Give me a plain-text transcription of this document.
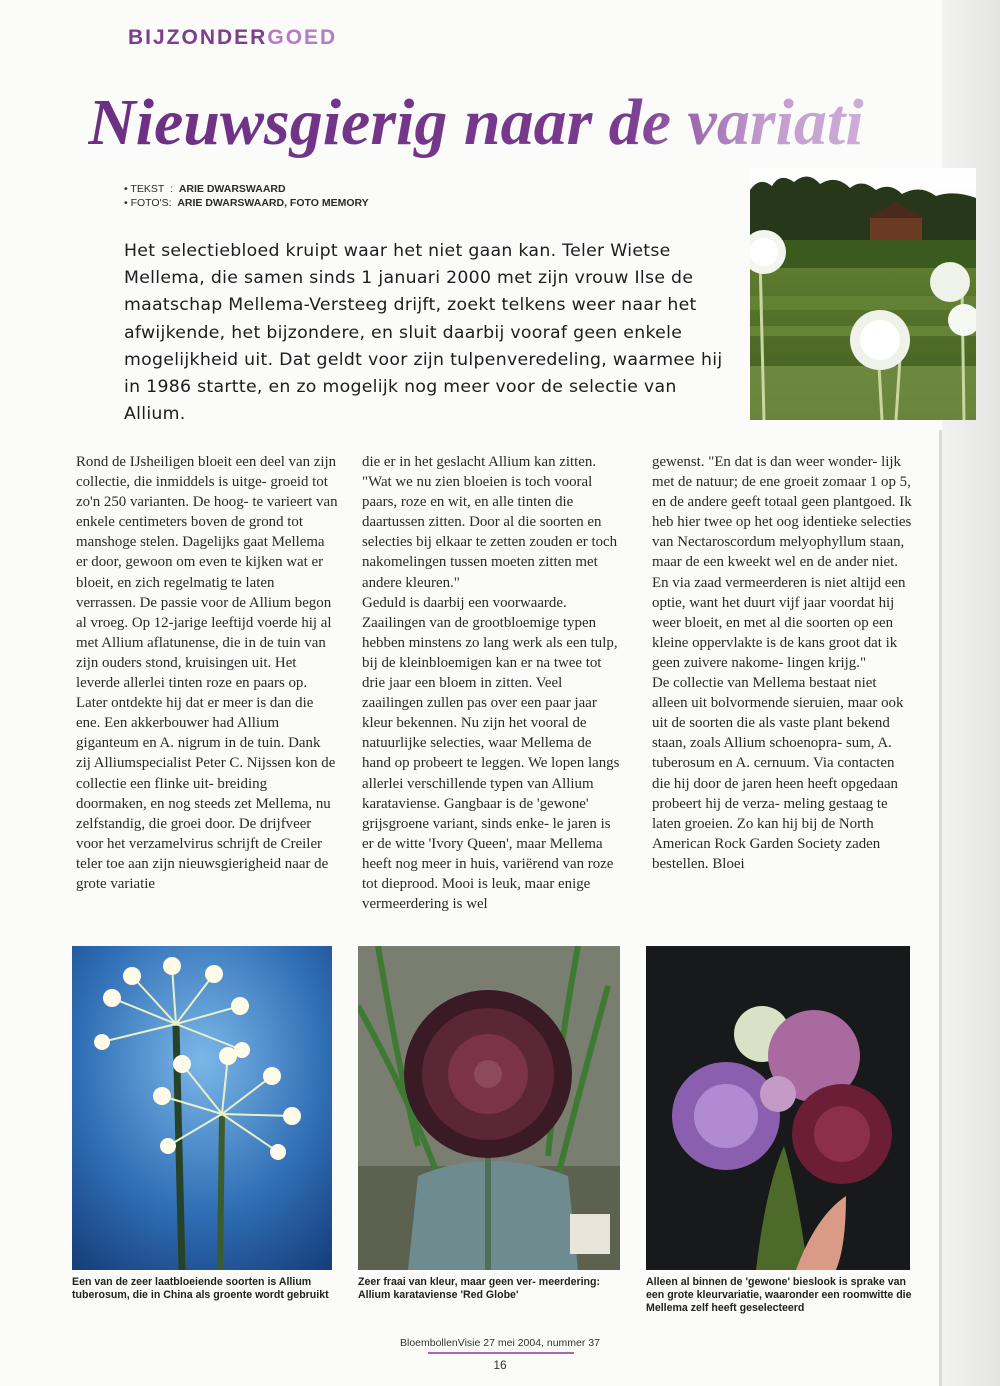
BIJZONDERGOED
Nieuwsgierig naar de variati
• TEKST  :  ARIE DWARSWAARD
• FOTO'S:  ARIE DWARSWAARD, FOTO MEMORY
Het selectiebloed kruipt waar het niet gaan kan. Teler Wietse Mellema, die samen sinds 1 januari 2000 met zijn vrouw Ilse de maatschap Mellema-Versteeg drijft, zoekt telkens weer naar het afwijkende, het bijzondere, en sluit daarbij vooraf geen enkele mogelijkheid uit. Dat geldt voor zijn tulpenveredeling, waarmee hij in 1986 startte, en zo mogelijk nog meer voor de selectie van Allium.

Rond de IJsheiligen bloeit een deel van zijn collectie, die inmiddels is uitge- groeid tot zo'n 250 varianten. De hoog- te varieert van enkele centimeters boven de grond tot manshoge stelen. Dagelijks gaat Mellema er door, gewoon om even te kijken wat er bloeit, en zich regelmatig te laten verrassen. De passie voor de Allium begon al vroeg. Op 12-jarige leeftijd voerde hij al met Allium aflatunense, die in de tuin van zijn ouders stond, kruisingen uit. Het leverde allerlei tinten roze en paars op. Later ontdekte hij dat er meer is dan die ene. Een akkerbouwer had Allium giganteum en A. nigrum in de tuin. Dank zij Alliumspecialist Peter C. Nijssen kon de collectie een flinke uit- breiding doormaken, en nog steeds zet Mellema, nu zelfstandig, die groei door. De drijfveer voor het verzamelvirus schrijft de Creiler teler toe aan zijn nieuwsgierigheid naar de grote variatie

die er in het geslacht Allium kan zitten. "Wat we nu zien bloeien is toch vooral paars, roze en wit, en alle tinten die daartussen zitten. Door al die soorten en selecties bij elkaar te zetten zouden er toch nakomelingen tussen moeten zitten met andere kleuren."

Geduld is daarbij een voorwaarde. Zaailingen van de grootbloemige typen hebben minstens zo lang werk als een tulp, bij de kleinbloemigen kan er na twee tot drie jaar een bloem in zitten. Veel zaailingen zullen pas over een paar jaar kleur bekennen. Nu zijn het vooral de natuurlijke selecties, waar Mellema de hand op probeert te leggen. We lopen langs allerlei verschillende typen van Allium karataviense. Gangbaar is de 'gewone' grijsgroene variant, sinds enke- le jaren is er de witte 'Ivory Queen', maar Mellema heeft nog meer in huis, variërend van roze tot dieprood. Mooi is leuk, maar enige vermeerdering is wel

gewenst. "En dat is dan weer wonder- lijk met de natuur; de ene groeit zomaar 1 op 5, en de andere geeft totaal geen plantgoed. Ik heb hier twee op het oog identieke selecties van Nectaroscordum melyophyllum staan, maar de een kweekt wel en de ander niet. En via zaad vermeerderen is niet altijd een optie, want het duurt vijf jaar voordat hij weer bloeit, en met al die soorten op een kleine oppervlakte is de kans groot dat ik geen zuivere nakome- lingen krijg."

De collectie van Mellema bestaat niet alleen uit bolvormende sieruien, maar ook uit de soorten die als vaste plant bekend staan, zoals Allium schoenopra- sum, A. tuberosum en A. cernuum. Via contacten die hij door de jaren heen heeft opgedaan probeert hij de verza- meling gestaag te laten groeien. Zo kan hij bij de North American Rock Garden Society zaden bestellen. Bloei

Een van de zeer laatbloeiende soorten is Allium tuberosum, die in China als groente wordt gebruikt
Zeer fraai van kleur, maar geen ver- meerdering: Allium karataviense 'Red Globe'
Alleen al binnen de 'gewone' bieslook is sprake van een grote kleurvariatie, waaronder een roomwitte die Mellema zelf heeft geselecteerd
BloembollenVisie 27 mei 2004, nummer 37
16
